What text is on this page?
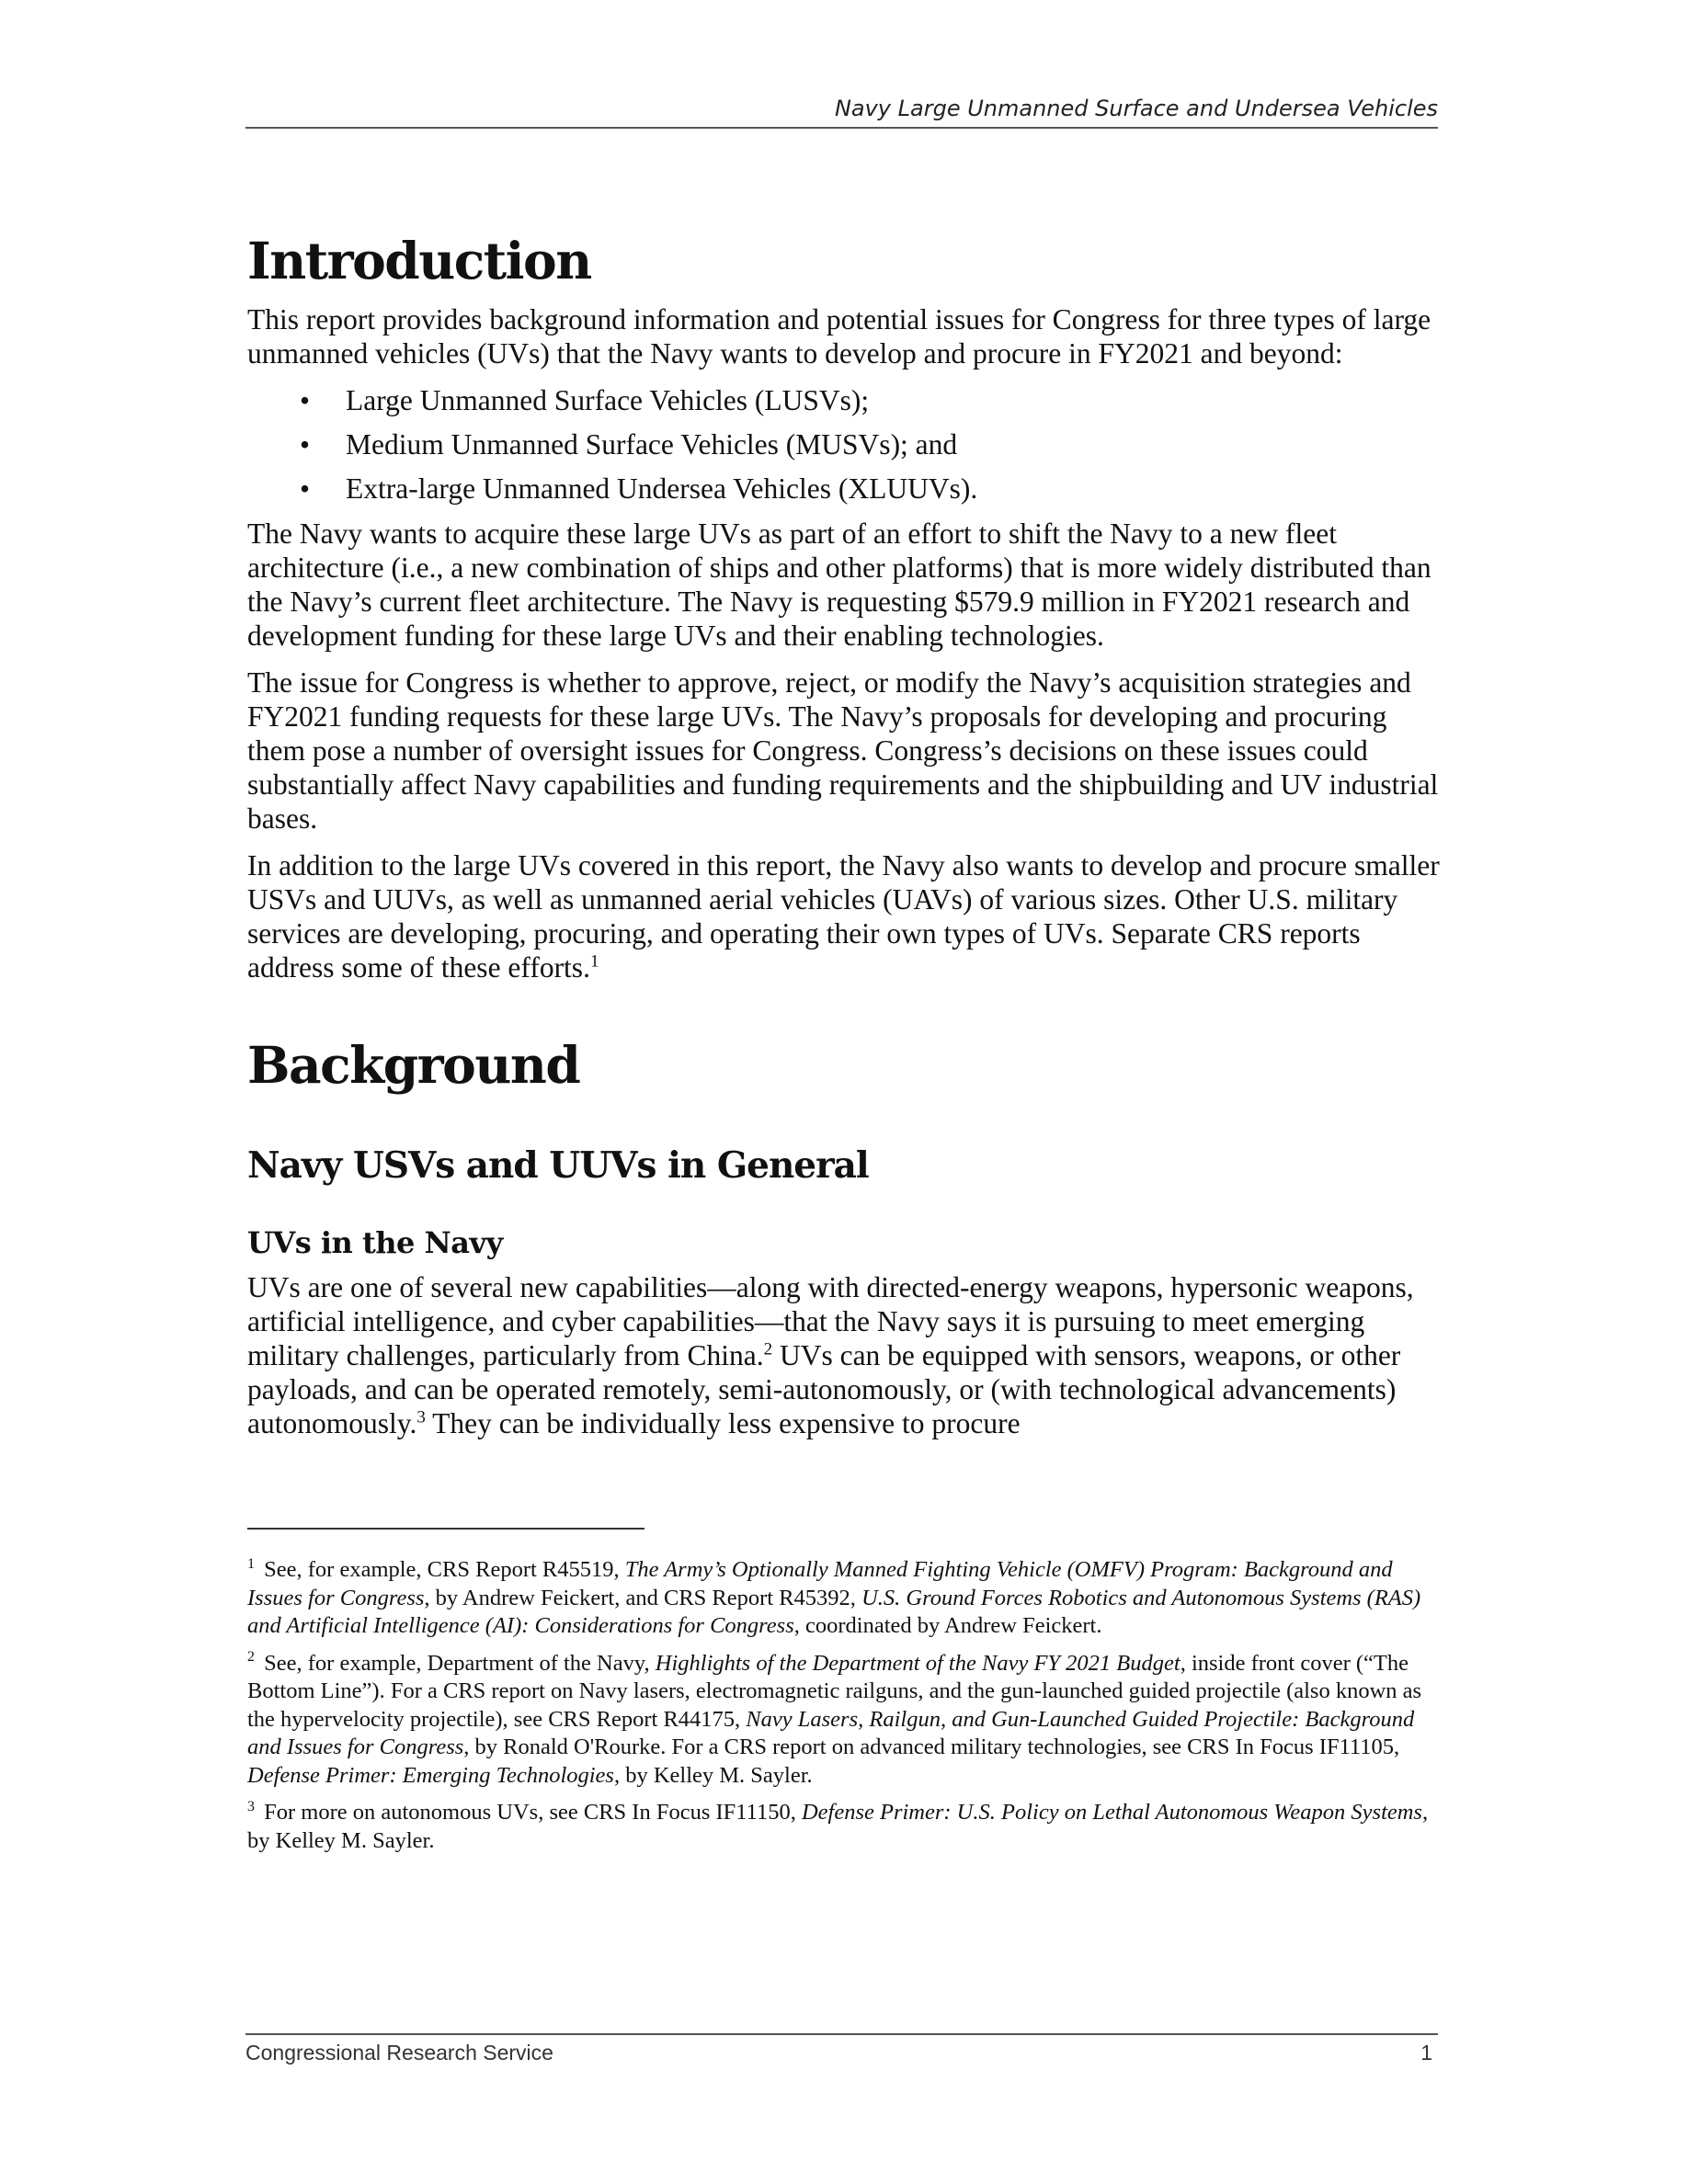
Navy Large Unmanned Surface and Undersea Vehicles
Introduction

This report provides background information and potential issues for Congress for three types of large unmanned vehicles (UVs) that the Navy wants to develop and procure in FY2021 and beyond:

• Large Unmanned Surface Vehicles (LUSVs);
• Medium Unmanned Surface Vehicles (MUSVs); and
• Extra-large Unmanned Undersea Vehicles (XLUUVs).

The Navy wants to acquire these large UVs as part of an effort to shift the Navy to a new fleet architecture (i.e., a new combination of ships and other platforms) that is more widely distributed than the Navy’s current fleet architecture. The Navy is requesting $579.9 million in FY2021 research and development funding for these large UVs and their enabling technologies.

The issue for Congress is whether to approve, reject, or modify the Navy’s acquisition strategies and FY2021 funding requests for these large UVs. The Navy’s proposals for developing and procuring them pose a number of oversight issues for Congress. Congress’s decisions on these issues could substantially affect Navy capabilities and funding requirements and the shipbuilding and UV industrial bases.

In addition to the large UVs covered in this report, the Navy also wants to develop and procure smaller USVs and UUVs, as well as unmanned aerial vehicles (UAVs) of various sizes. Other U.S. military services are developing, procuring, and operating their own types of UVs. Separate CRS reports address some of these efforts.$^1$

Background
Navy USVs and UUVs in General
UVs in the Navy

UVs are one of several new capabilities—along with directed-energy weapons, hypersonic weapons, artificial intelligence, and cyber capabilities—that the Navy says it is pursuing to meet emerging military challenges, particularly from China.$^2$ UVs can be equipped with sensors, weapons, or other payloads, and can be operated remotely, semi-autonomously, or (with technological advancements) autonomously.$^3$ They can be individually less expensive to procure

$^1$ See, for example, CRS Report R45519, The Army’s Optionally Manned Fighting Vehicle (OMFV) Program: Background and Issues for Congress, by Andrew Feickert, and CRS Report R45392, U.S. Ground Forces Robotics and Autonomous Systems (RAS) and Artificial Intelligence (AI): Considerations for Congress, coordinated by Andrew Feickert.

$^2$ See, for example, Department of the Navy, Highlights of the Department of the Navy FY 2021 Budget, inside front cover (“The Bottom Line”). For a CRS report on Navy lasers, electromagnetic railguns, and the gun-launched guided projectile (also known as the hypervelocity projectile), see CRS Report R44175, Navy Lasers, Railgun, and Gun-Launched Guided Projectile: Background and Issues for Congress, by Ronald O'Rourke. For a CRS report on advanced military technologies, see CRS In Focus IF11105, Defense Primer: Emerging Technologies, by Kelley M. Sayler.

$^3$ For more on autonomous UVs, see CRS In Focus IF11150, Defense Primer: U.S. Policy on Lethal Autonomous Weapon Systems, by Kelley M. Sayler.

Congressional Research Service	1
